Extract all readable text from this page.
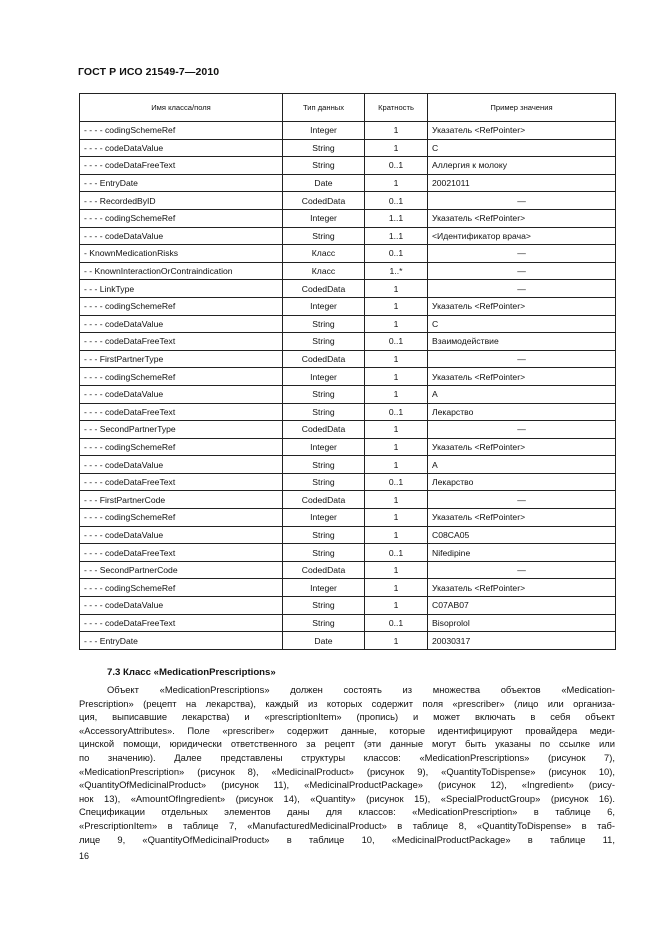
ГОСТ Р ИСО 21549-7—2010
Имя класса/поля	Тип данных	Кратность	Пример значения
- - - - codingSchemeRef	Integer	1	Указатель <RefPointer>
- - - - codeDataValue	String	1	C
- - - - codeDataFreeText	String	0..1	Аллергия к молоку
- - - EntryDate	Date	1	20021011
- - - RecordedByID	CodedData	0..1	—
- - - - codingSchemeRef	Integer	1..1	Указатель <RefPointer>
- - - - codeDataValue	String	1..1	<Идентификатор врача>
- KnownMedicationRisks	Класс	0..1	—
- - KnownInteractionOrContraindication	Класс	1..*	—
- - - LinkType	CodedData	1	—
- - - - codingSchemeRef	Integer	1	Указатель <RefPointer>
- - - - codeDataValue	String	1	C
- - - - codeDataFreeText	String	0..1	Взаимодействие
- - - FirstPartnerType	CodedData	1	—
- - - - codingSchemeRef	Integer	1	Указатель <RefPointer>
- - - - codeDataValue	String	1	A
- - - - codeDataFreeText	String	0..1	Лекарство
- - - SecondPartnerType	CodedData	1	—
- - - - codingSchemeRef	Integer	1	Указатель <RefPointer>
- - - - codeDataValue	String	1	A
- - - - codeDataFreeText	String	0..1	Лекарство
- - - FirstPartnerCode	CodedData	1	—
- - - - codingSchemeRef	Integer	1	Указатель <RefPointer>
- - - - codeDataValue	String	1	C08CA05
- - - - codeDataFreeText	String	0..1	Nifedipine
- - - SecondPartnerCode	CodedData	1	—
- - - - codingSchemeRef	Integer	1	Указатель <RefPointer>
- - - - codeDataValue	String	1	C07AB07
- - - - codeDataFreeText	String	0..1	Bisoprolol
- - - EntryDate	Date	1	20030317
7.3 Класс «MedicationPrescriptions»
Объект «MedicationPrescriptions» должен состоять из множества объектов «Medication-
Prescription» (рецепт на лекарства), каждый из которых содержит поля «prescriber» (лицо или организа-
ция, выписавшие лекарства) и «prescriptionItem» (пропись) и может включать в себя объект
«AccessoryAttributes». Поле «prescriber» содержит данные, которые идентифицируют провайдера меди-
цинской помощи, юридически ответственного за рецепт (эти данные могут быть указаны по ссылке или
по значению). Далее представлены структуры классов: «MedicationPrescriptions» (рисунок 7),
«MedicationPrescription» (рисунок 8), «MedicinalProduct» (рисунок 9), «QuantityToDispense» (рисунок 10),
«QuantityOfMedicinalProduct» (рисунок 11), «MedicinalProductPackage» (рисунок 12), «Ingredient» (рису-
нок 13), «AmountOfIngredient» (рисунок 14), «Quantity» (рисунок 15), «SpecialProductGroup» (рисунок 16).
Спецификации отдельных элементов даны для классов: «MedicationPrescription» в таблице 6,
«PrescriptionItem» в таблице 7, «ManufacturedMedicinalProduct» в таблице 8, «QuantityToDispense» в таб-
лице 9, «QuantityOfMedicinalProduct» в таблице 10, «MedicinalProductPackage» в таблице 11,
16
